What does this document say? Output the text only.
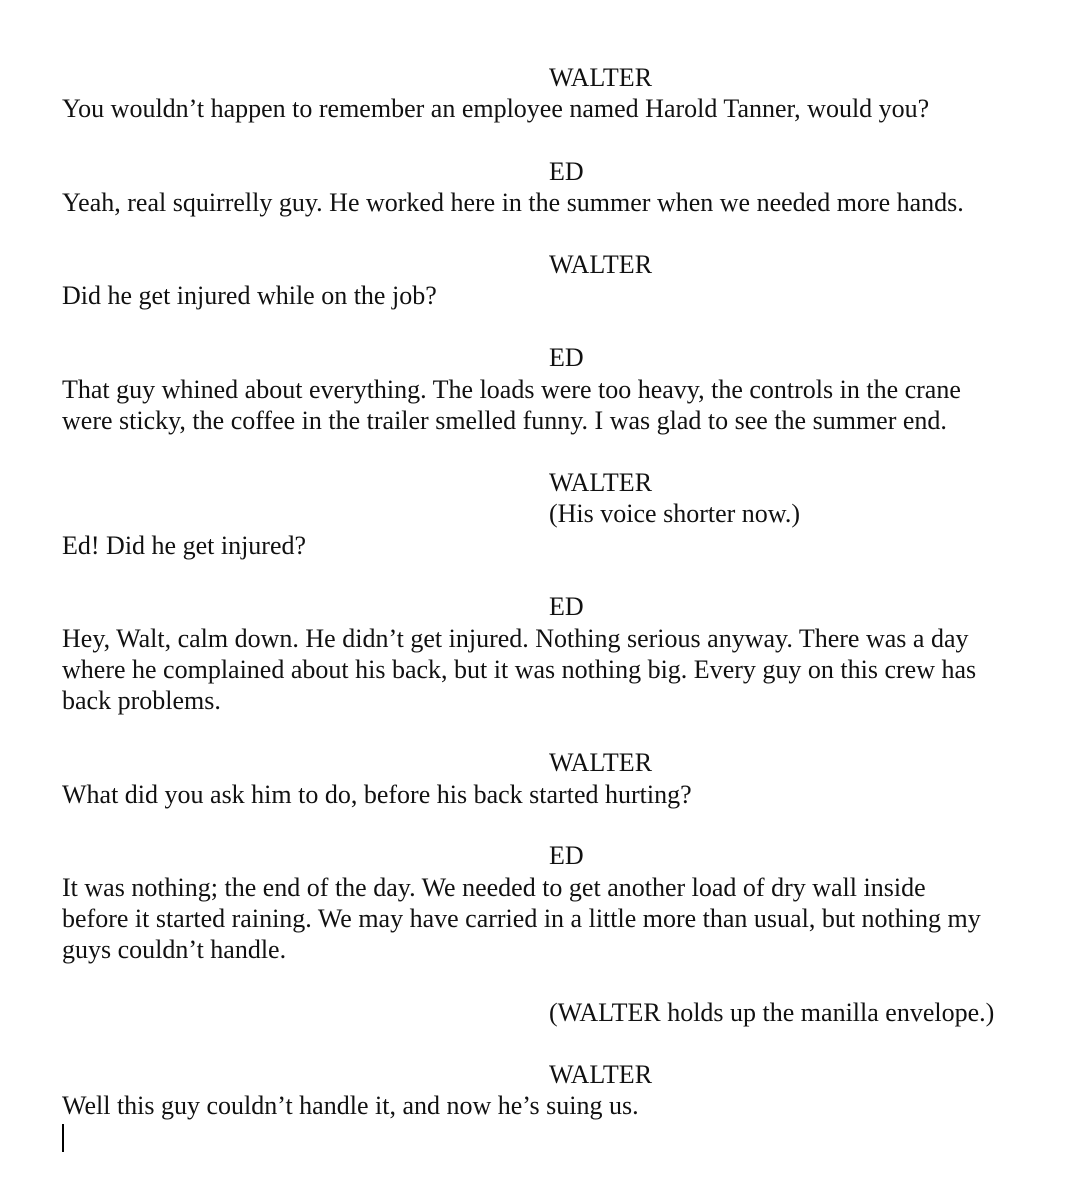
WALTER
You wouldn’t happen to remember an employee named Harold Tanner, would you?
ED
Yeah, real squirrelly guy. He worked here in the summer when we needed more hands.
WALTER
Did he get injured while on the job?
ED
That guy whined about everything. The loads were too heavy, the controls in the crane
were sticky, the coffee in the trailer smelled funny. I was glad to see the summer end.
WALTER
(His voice shorter now.)
Ed! Did he get injured?
ED
Hey, Walt, calm down. He didn’t get injured. Nothing serious anyway. There was a day
where he complained about his back, but it was nothing big. Every guy on this crew has
back problems.
WALTER
What did you ask him to do, before his back started hurting?
ED
It was nothing; the end of the day. We needed to get another load of dry wall inside
before it started raining. We may have carried in a little more than usual, but nothing my
guys couldn’t handle.
(WALTER holds up the manilla envelope.)
WALTER
Well this guy couldn’t handle it, and now he’s suing us.
